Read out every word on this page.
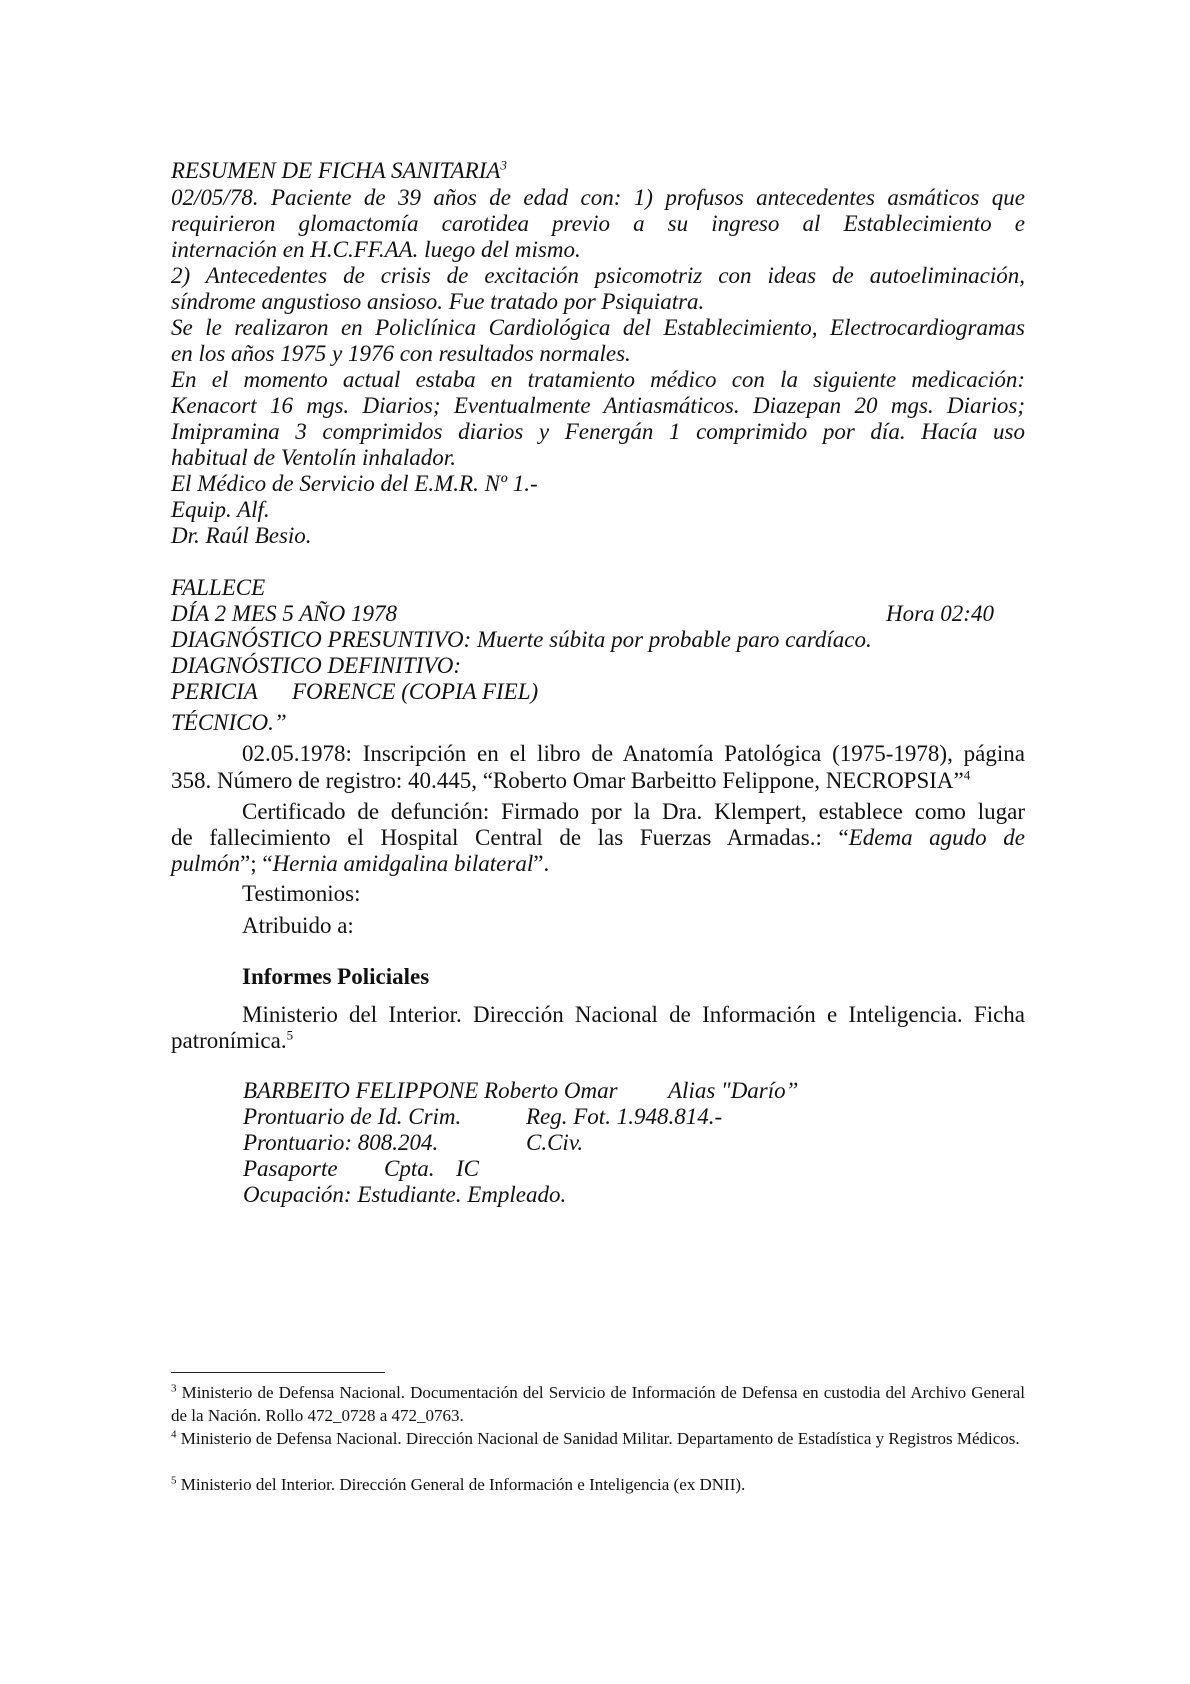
RESUMEN DE FICHA SANITARIA$^3$
02/05/78. Paciente de 39 años de edad con: 1) profusos antecedentes asmáticos que
requirieron glomactomía carotidea previo a su ingreso al Establecimiento e
internación en H.C.FF.AA. luego del mismo.
2) Antecedentes de crisis de excitación psicomotriz con ideas de autoeliminación,
síndrome angustioso ansioso. Fue tratado por Psiquiatra.
Se le realizaron en Policlínica Cardiológica del Establecimiento, Electrocardiogramas
en los años 1975 y 1976 con resultados normales.
En el momento actual estaba en tratamiento médico con la siguiente medicación:
Kenacort 16 mgs. Diarios; Eventualmente Antiasmáticos. Diazepan 20 mgs. Diarios;
Imipramina 3 comprimidos diarios y Fenergán 1 comprimido por día. Hacía uso
habitual de Ventolín inhalador.
El Médico de Servicio del E.M.R. Nº 1.-
Equip. Alf.
Dr. Raúl Besio.
FALLECE
DÍA 2 MES 5 AÑO 1978	Hora 02:40
DIAGNÓSTICO PRESUNTIVO: Muerte súbita por probable paro cardíaco.
DIAGNÓSTICO DEFINITIVO:
PERICIA FORENCE (COPIA FIEL)
TÉCNICO.”
02.05.1978: Inscripción en el libro de Anatomía Patológica (1975-1978), página
358. Número de registro: 40.445, “Roberto Omar Barbeitto Felippone, NECROPSIA”$^4$
Certificado de defunción: Firmado por la Dra. Klempert, establece como lugar
de fallecimiento el Hospital Central de las Fuerzas Armadas.: “Edema agudo de
pulmón”; “Hernia amidgalina bilateral”.
Testimonios:
Atribuido a:
Informes Policiales
Ministerio del Interior. Dirección Nacional de Información e Inteligencia. Ficha
patronímica.$^5$
BARBEITO FELIPPONE Roberto Omar Alias "Darío”
Prontuario de Id. Crim.	Reg. Fot. 1.948.814.-
Prontuario: 808.204.	C.Civ.
Pasaporte Cpta. IC
Ocupación: Estudiante. Empleado.
$^3$ Ministerio de Defensa Nacional. Documentación del Servicio de Información de Defensa en custodia del Archivo General de la Nación. Rollo 472_0728 a 472_0763.
$^4$ Ministerio de Defensa Nacional. Dirección Nacional de Sanidad Militar. Departamento de Estadística y Registros Médicos.
$^5$ Ministerio del Interior. Dirección General de Información e Inteligencia (ex DNII).
